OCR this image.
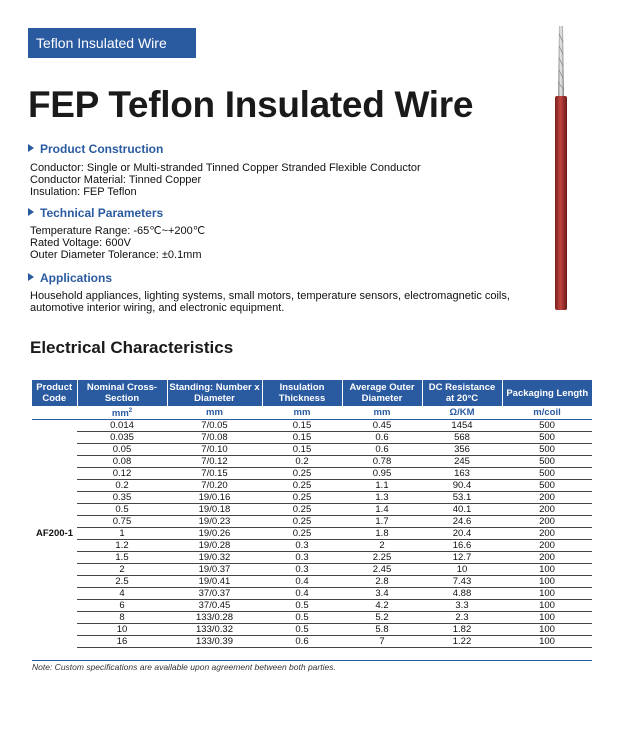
Teflon Insulated Wire
FEP Teflon Insulated Wire
Product Construction
Conductor: Single or Multi-stranded Tinned Copper Stranded Flexible Conductor
Conductor Material: Tinned Copper
Insulation: FEP Teflon
Technical Parameters
Temperature Range: -65℃~+200℃
Rated Voltage: 600V
Outer Diameter Tolerance: ±0.1mm
Applications
Household appliances, lighting systems, small motors, temperature sensors, electromagnetic coils,
automotive interior wiring, and electronic equipment.
Electrical Characteristics
Product Code	Nominal Cross-Section	Standing: Number x Diameter	Insulation Thickness	Average Outer Diameter	DC Resistance at 20°C	Packaging Length
	$mm^2$	mm	mm	mm	Ω/KM	m/coil
AF200-1	0.014	7/0.05	0.15	0.45	1454	500
	0.035	7/0.08	0.15	0.6	568	500
	0.05	7/0.10	0.15	0.6	356	500
	0.08	7/0.12	0.2	0.78	245	500
	0.12	7/0.15	0.25	0.95	163	500
	0.2	7/0.20	0.25	1.1	90.4	500
	0.35	19/0.16	0.25	1.3	53.1	200
	0.5	19/0.18	0.25	1.4	40.1	200
	0.75	19/0.23	0.25	1.7	24.6	200
	1	19/0.26	0.25	1.8	20.4	200
	1.2	19/0.28	0.3	2	16.6	200
	1.5	19/0.32	0.3	2.25	12.7	200
	2	19/0.37	0.3	2.45	10	100
	2.5	19/0.41	0.4	2.8	7.43	100
	4	37/0.37	0.4	3.4	4.88	100
	6	37/0.45	0.5	4.2	3.3	100
	8	133/0.28	0.5	5.2	2.3	100
	10	133/0.32	0.5	5.8	1.82	100
	16	133/0.39	0.6	7	1.22	100
Note: Custom specifications are available upon agreement between both parties.
